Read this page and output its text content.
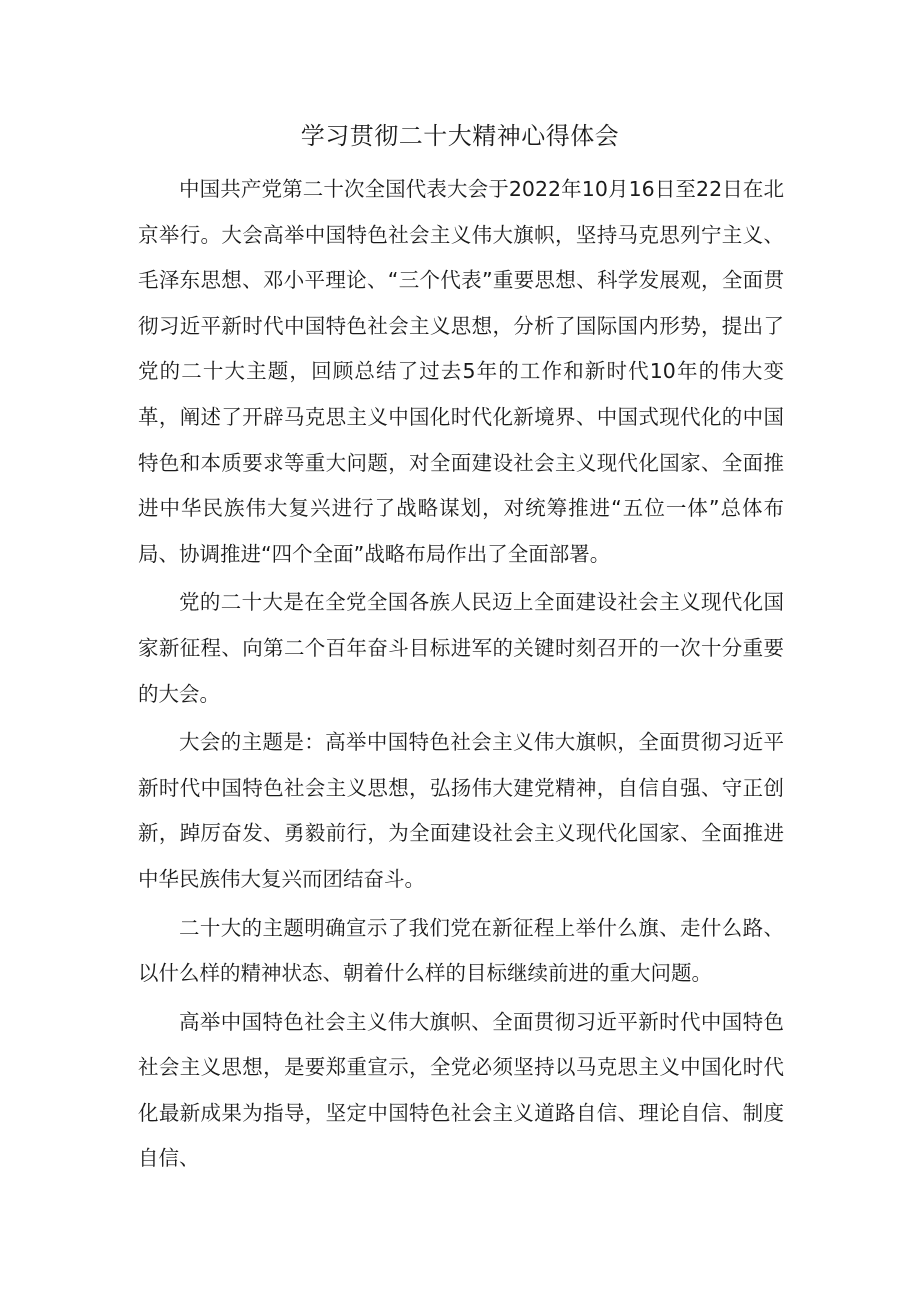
学习贯彻二十大精神心得体会

中国共产党第二十次全国代表大会于2022年10月16日至22日在北京举行。大会高举中国特色社会主义伟大旗帜，坚持马克思列宁主义、毛泽东思想、邓小平理论、“三个代表”重要思想、科学发展观，全面贯彻习近平新时代中国特色社会主义思想，分析了国际国内形势，提出了党的二十大主题，回顾总结了过去5年的工作和新时代10年的伟大变革，阐述了开辟马克思主义中国化时代化新境界、中国式现代化的中国特色和本质要求等重大问题，对全面建设社会主义现代化国家、全面推进中华民族伟大复兴进行了战略谋划，对统筹推进“五位一体”总体布局、协调推进“四个全面”战略布局作出了全面部署。

党的二十大是在全党全国各族人民迈上全面建设社会主义现代化国家新征程、向第二个百年奋斗目标进军的关键时刻召开的一次十分重要的大会。

大会的主题是：高举中国特色社会主义伟大旗帜，全面贯彻习近平新时代中国特色社会主义思想，弘扬伟大建党精神，自信自强、守正创新，踔厉奋发、勇毅前行，为全面建设社会主义现代化国家、全面推进中华民族伟大复兴而团结奋斗。

二十大的主题明确宣示了我们党在新征程上举什么旗、走什么路、以什么样的精神状态、朝着什么样的目标继续前进的重大问题。

高举中国特色社会主义伟大旗帜、全面贯彻习近平新时代中国特色社会主义思想，是要郑重宣示，全党必须坚持以马克思主义中国化时代化最新成果为指导，坚定中国特色社会主义道路自信、理论自信、制度自信、
